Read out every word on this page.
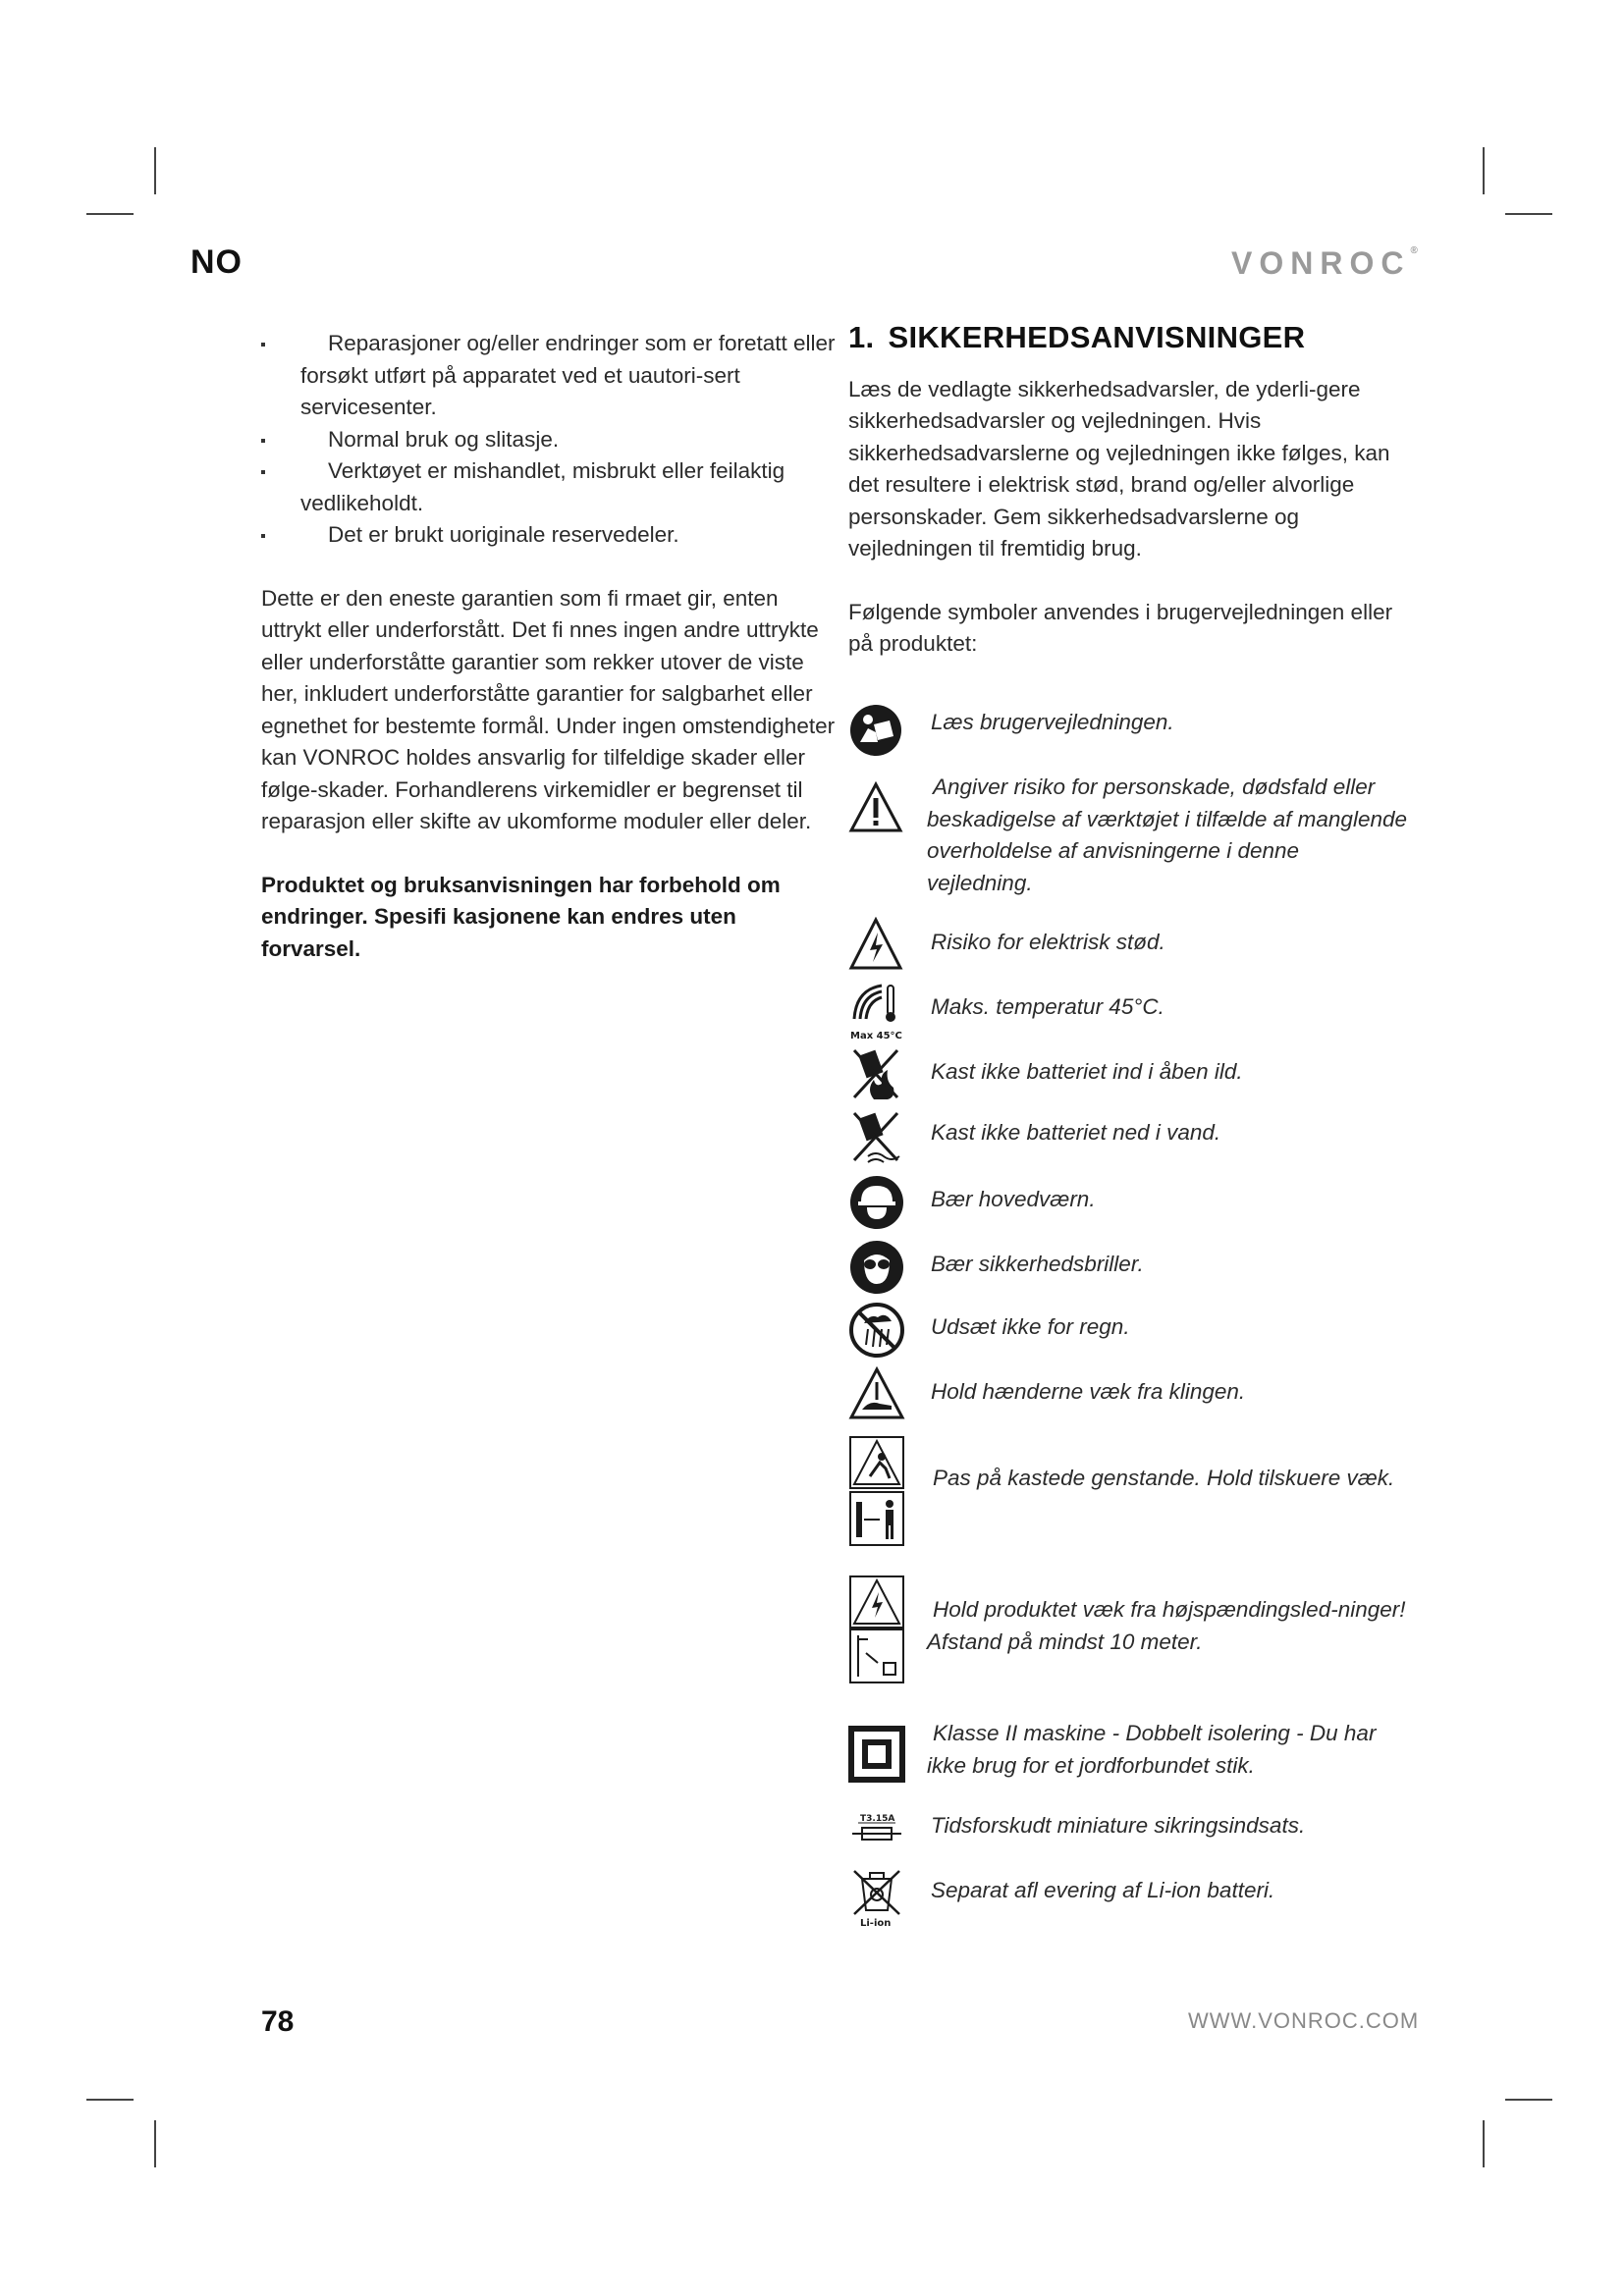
NO	VONROC®
Reparasjoner og/eller endringer som er foretatt eller forsøkt utført på apparatet ved et uautori-sert servicesenter.
Normal bruk og slitasje.
Verktøyet er mishandlet, misbrukt eller feilaktig vedlikeholdt.
Det er brukt uoriginale reservedeler.

Dette er den eneste garantien som fi rmaet gir, enten uttrykt eller underforstått. Det fi nnes ingen andre uttrykte eller underforståtte garantier som rekker utover de viste her, inkludert underforståtte garantier for salgbarhet eller egnethet for bestemte formål. Under ingen omstendigheter kan VONROC holdes ansvarlig for tilfeldige skader eller følge-skader. Forhandlerens virkemidler er begrenset til reparasjon eller skifte av ukomforme moduler eller deler.

Produktet og bruksanvisningen har forbehold om endringer. Spesifi kasjonene kan endres uten forvarsel.

1. SIKKERHEDSANVISNINGER

Læs de vedlagte sikkerhedsadvarsler, de yderli-gere sikkerhedsadvarsler og vejledningen. Hvis sikkerhedsadvarslerne og vejledningen ikke følges, kan det resultere i elektrisk stød, brand og/eller alvorlige personskader. Gem sikkerhedsadvarslerne og vejledningen til fremtidig brug.

Følgende symboler anvendes i brugervejledningen eller på produktet:

Læs brugervejledningen.
Angiver risiko for personskade, dødsfald eller beskadigelse af værktøjet i tilfælde af manglende overholdelse af anvisningerne i denne vejledning.
Risiko for elektrisk stød.
Max 45°C
Maks. temperatur 45°C.
Kast ikke batteriet ind i åben ild.
Kast ikke batteriet ned i vand.
Bær hovedværn.
Bær sikkerhedsbriller.
Udsæt ikke for regn.
Hold hænderne væk fra klingen.
Pas på kastede genstande. Hold tilskuere væk.
Hold produktet væk fra højspændingsled-ninger! Afstand på mindst 10 meter.
Klasse II maskine - Dobbelt isolering - Du har ikke brug for et jordforbundet stik.
T3.15A Tidsforskudt miniature sikringsindsats.
Li-ion
Separat afl evering af Li-ion batteri.
78	WWW.VONROC.COM
